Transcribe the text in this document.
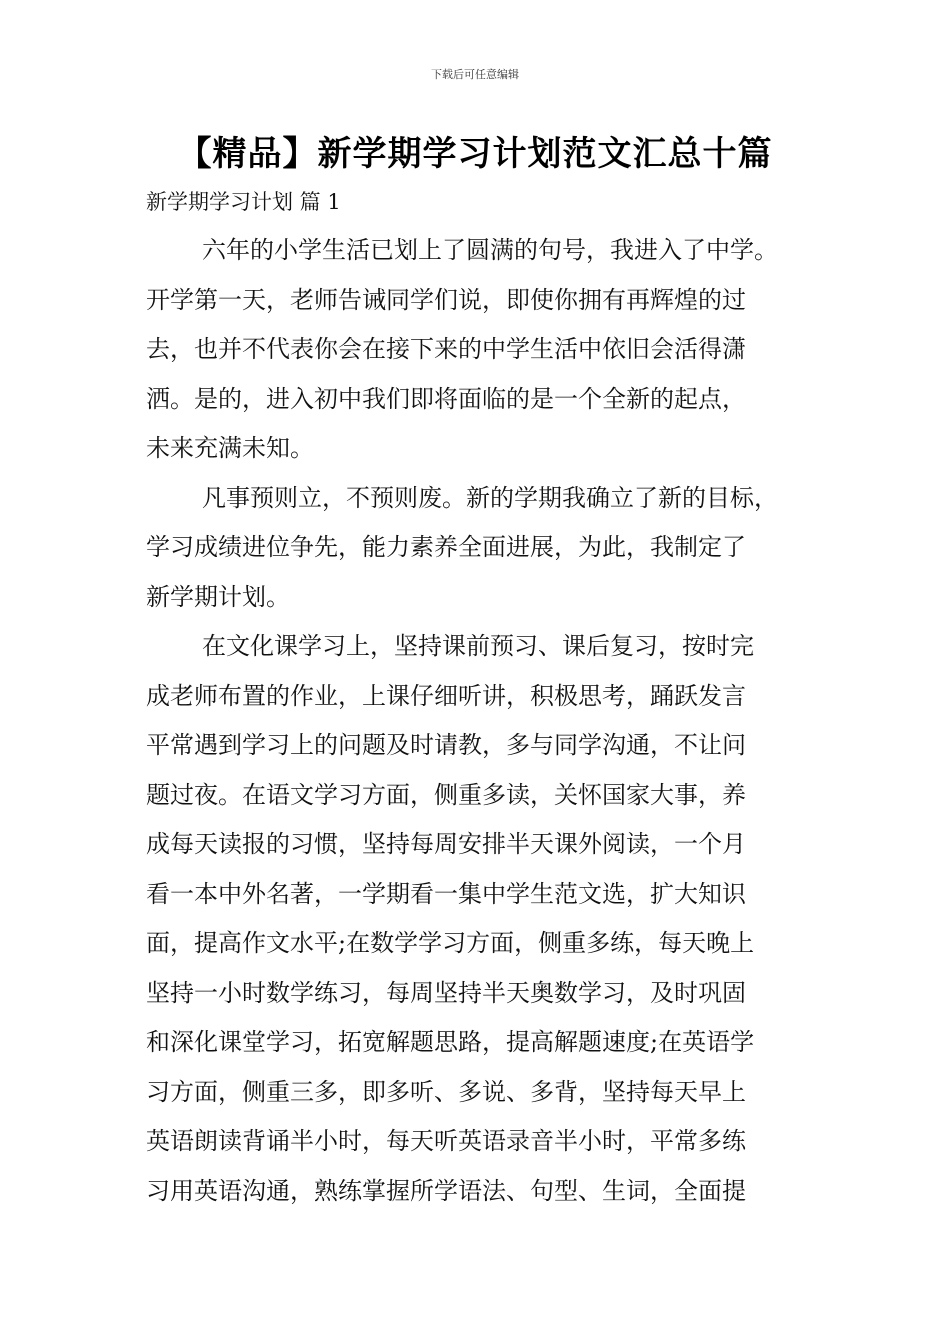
下载后可任意编辑
【精品】新学期学习计划范文汇总十篇
新学期学习计划 篇 1
六年的小学生活已划上了圆满的句号，我进入了中学。
开学第一天，老师告诫同学们说，即使你拥有再辉煌的过
去，也并不代表你会在接下来的中学生活中依旧会活得潇
洒。是的，进入初中我们即将面临的是一个全新的起点，
未来充满未知。
凡事预则立，不预则废。新的学期我确立了新的目标，
学习成绩进位争先，能力素养全面进展，为此，我制定了
新学期计划。
在文化课学习上，坚持课前预习、课后复习，按时完
成老师布置的作业，上课仔细听讲，积极思考，踊跃发言
平常遇到学习上的问题及时请教，多与同学沟通，不让问
题过夜。在语文学习方面，侧重多读，关怀国家大事，养
成每天读报的习惯，坚持每周安排半天课外阅读，一个月
看一本中外名著，一学期看一集中学生范文选，扩大知识
面，提高作文水平;在数学学习方面，侧重多练，每天晚上
坚持一小时数学练习，每周坚持半天奥数学习，及时巩固
和深化课堂学习，拓宽解题思路，提高解题速度;在英语学
习方面，侧重三多，即多听、多说、多背，坚持每天早上
英语朗读背诵半小时，每天听英语录音半小时，平常多练
习用英语沟通，熟练掌握所学语法、句型、生词，全面提
